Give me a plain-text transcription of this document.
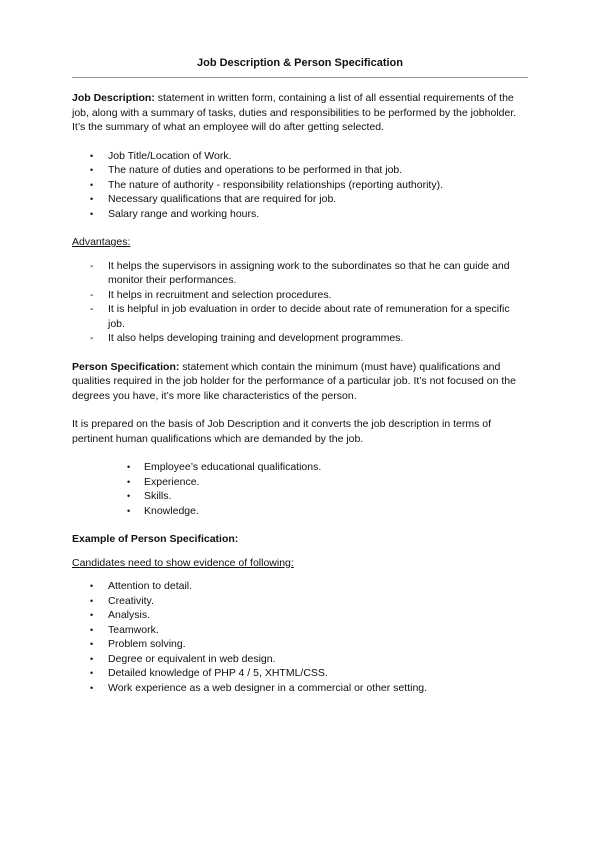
Job Description & Person Specification

Job Description: statement in written form, containing a list of all essential requirements of the job, along with a summary of tasks, duties and responsibilities to be performed by the jobholder. It’s the summary of what an employee will do after getting selected.

• Job Title/Location of Work.
• The nature of duties and operations to be performed in that job.
• The nature of authority - responsibility relationships (reporting authority).
• Necessary qualifications that are required for job.
• Salary range and working hours.
Advantages:
- It helps the supervisors in assigning work to the subordinates so that he can guide and monitor their performances.
- It helps in recruitment and selection procedures.
- It is helpful in job evaluation in order to decide about rate of remuneration for a specific job.
- It also helps developing training and development programmes.

Person Specification: statement which contain the minimum (must have) qualifications and qualities required in the job holder for the performance of a particular job. It’s not focused on the degrees you have, it’s more like characteristics of the person.

It is prepared on the basis of Job Description and it converts the job description in terms of pertinent human qualifications which are demanded by the job.

• Employee’s educational qualifications.
• Experience.
• Skills.
• Knowledge.
Example of Person Specification:
Candidates need to show evidence of following:
• Attention to detail.
• Creativity.
• Analysis.
• Teamwork.
• Problem solving.
• Degree or equivalent in web design.
• Detailed knowledge of PHP 4 / 5, XHTML/CSS.
• Work experience as a web designer in a commercial or other setting.
